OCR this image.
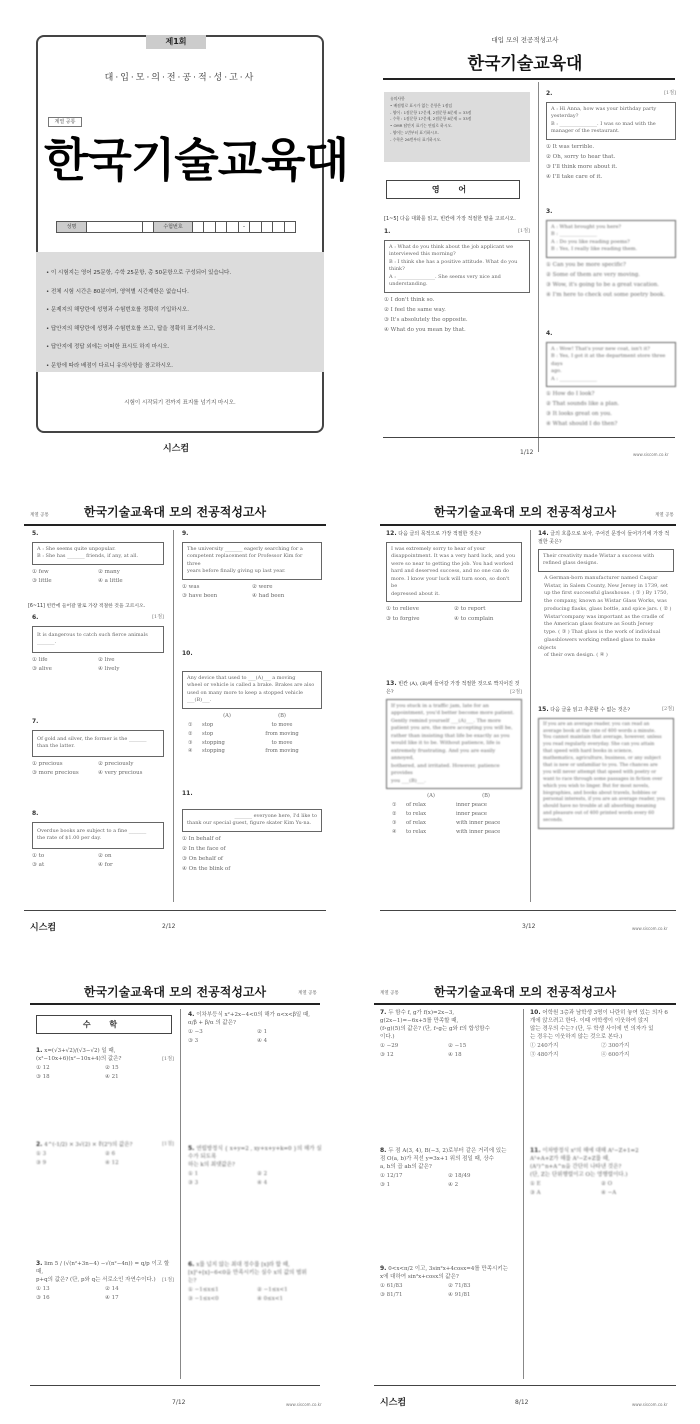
제1회
대·입·모·의·전·공·적·성·고·사
계열 공통
한국기술교육대
성명	수험번호	–
• 이 시험지는 영어 25문항, 수학 25문항, 총 50문항으로 구성되어 있습니다.
• 전체 시험 시간은 80분이며, 영역별 시간제한은 없습니다.
• 문제지의 해당란에 성명과 수험번호를 정확히 기입하시오.
• 답안지의 해당란에 성명과 수험번호를 쓰고, 답을 정확히 표기하시오.
• 답안지에 정답 외에는 어떠한 표시도 하지 마시오.
• 문항에 따라 배점이 다르니 유의사항을 참고하시오.
시험이 시작되기 전까지 표지를 넘기지 마시오.
시스컴
대입 모의 전공적성고사
한국기술교육대
유의사항
• 배점별로 표시가 없는 문항은 1점임
- 영어 : 1점문항 17문제, 2점문항 8문제 = 33점
- 수학 : 1점문항 17문제, 2점문항 8문제 = 33점
• OMR 답안지 표기는 연필로 하시오.
- 영어는 1번부터 표기하시오.
- 수학은 26번부터 표기하시오.
영 어
[1~5] 다음 대화를 읽고, 빈칸에 가장 적절한 말을 고르시오.
1.	[1점]
A : What do you think about the job applicant we
interviewed this morning?
B : I think she has a positive attitude. What do you
think?
A : _______________. She seems very nice and
understanding.
① I don't think so.
② I feel the same way.
③ It's absolutely the opposite.
④ What do you mean by that.
2.	[1점]
A : Hi Anna, how was your birthday party
yesterday?
B : _______________. I was so mad with the
manager of the restaurant.
① It was terrible.
② Oh, sorry to hear that.
③ I'll think more about it.
④ I'll take care of it.
3.
A : What brought you here?
B : _______________
A : Do you like reading poems?
B : Yes, I really like reading them.
① Can you be more specific?
② Some of them are very moving.
③ Wow, it's going to be a great vacation.
④ I'm here to check out some poetry book.
4.
A : Wow! That's your new coat, isn't it?
B : Yes, I got it at the department store three days
ago.
A : _______________
① How do I look?
② That sounds like a plan.
③ It looks great on you.
④ What should I do then?
1/12	www.siscom.co.kr
계열 공통	한국기술교육대 모의 전공적성고사
5.
A : She seems quite unpopular.
B : She has _______ friends, if any, at all.
① few	② many
③ little	④ a little
[6~11] 빈칸에 들어갈 말로 가장 적절한 것을 고르시오.
6.	[1점]
It is dangerous to catch such fierce animals
_______.
① life	② live
③ alive	④ lively
7.
Of gold and silver, the former is the _______
than the latter.
① precious	② preciously
③ more precious	④ very precious
8.
Overdue books are subject to a fine _______
the rate of $1.00 per day.
① to	② on
③ at	④ for
9.
The university _______ eagerly searching for a
competent replacement for Professor Kim for three
years before finally giving up last year.
① was	② were
③ have been	④ had been
10.
Any device that used to ___(A)___ a moving
wheel or vehicle is called a brake. Brakes are also
used on many more to keep a stopped vehicle
___(B)___.
(A)	(B)
①	stop	to move
②	stop	from moving
③	stopping	to move
④	stopping	from moving
11.
_______ everyone here, I'd like to
thank our special guest, figure skater Kim Yu-na.
① In behalf of
② In the face of
③ On behalf of
④ On the blink of
시스컴	2/12
한국기술교육대 모의 전공적성고사	계열 공통
12. 다음 글의 목적으로 가장 적절한 것은?
I was extremely sorry to hear of your
disappointment. It was a very hard luck, and you
were so near to getting the job. You had worked
hard and deserved success, and no one can do
more. I know your luck will turn soon, so don't be
depressed about it.
① to relieve	② to report
③ to forgive	④ to complain
13. 빈칸 (A), (B)에 들어갈 가장 적절한 것으로 짝지어진 것은?	[2점]
If you stuck in a traffic jam, late for an
appointment, you'd better become more patient.
Gently remind yourself ___(A)___. The more
patient you are, the more accepting you will be,
rather than insisting that life be exactly as you
would like it to be. Without patience, life is
extremely frustrating. And you are easily annoyed,
bothered, and irritated. However, patience provides
you ___(B)___.
(A)	(B)
①	of relax	inner peace
②	to relax	inner peace
③	of relax	with inner peace
④	to relax	with inner peace
14. 글의 흐름으로 보아, 주어진 문장이 들어가기에 가장 적절한 곳은?
Their creativity made Wistar a success with
refined glass designs.
A German-born manufacturer named Caspar
Wistar, in Salem County, New Jersey in 1739, set
up the first successful glasshouse. ( ① ) By 1750,
the company, known as Wistar Glass Works, was
producing flasks, glass bottle, and spice jars. ( ② )
Wistar'company was important as the cradle of
the American glass feature as South Jersey
type. ( ③ ) That glass is the work of individual
glassblowers working refined glass to make objects
of their own design. ( ④ )
15. 다음 글을 읽고 추론할 수 없는 것은?	[2점]
If you are an average reader, you can read an
average book at the rate of 400 words a minute.
You cannot maintain that average, however, unless
you read regularly everyday. She can you attain
that speed with hard books in science,
mathematics, agriculture, business, or any subject
that is new or unfamiliar to you. The chances are
you will never attempt that speed with poetry or
want to race through some passages in fiction over
which you wish to linger. But for most novels,
biographies, and books about travels, hobbies or
personal interests, if you are an average reader, you
should have no trouble at all absorbing meaning
and pleasure out of 400 printed words every 60
seconds.
3/12	www.siscom.co.kr
한국기술교육대 모의 전공적성고사	계열 공통
수 학
1. x=(√3+√2)/(√3−√2) 일 때,
(x²−10x+6)(x²−10x+4)의 값은?	[1점]
① 12	② 15
③ 18	④ 21
2. 4^(-1/2) × 3√(2) × ∜(2⁵)의 값은?	[1점]
① 3	② 6
③ 9	④ 12
3. lim 5 / (√(n²+3n−4) −√(n²−4n)) = q/p 이고 할 때,
p+q의 값은? (단, p와 q는 서로소인 자연수이다.) [1점]
① 13	② 14
③ 16	④ 17
4. 이차부등식 x²+2x−4<0의 해가 α<x<β일 때,
α/β + β/α 의 값은?
① −3	② 1
③ 3	④ 4
5. 연립방정식 { x+y=2 , xy+x+y+k=0 }의 해가 실수가 되도록
하는 k의 최댓값은?
① 1	② 2
③ 3	④ 4
6. x를 넘지 않는 최대 정수를 [x]라 할 때,
[x]²+[x]−6<0을 만족시키는 실수 x의 값의 범위
는?
① −1≤x≤1	② −1≤x<1
③ −1≤x<0	④ 0≤x<1
7/12	www.siscom.co.kr
계열 공통	한국기술교육대 모의 전공적성고사
7. 두 함수 f, g가 f(x)=2x−3,
g(2x−1)=−6x+5를 만족할 때,
(f∘g)(5)의 값은? (단, f∘g는 g와 f의 합성함수
이다.)
① −29	② −15
③ 12	④ 18
8. 두 점 A(3, 4), B(−3, 2)로부터 같은 거리에 있는
점 O(a, b)가 직선 y=3x+1 위의 점일 때, 상수
a, b의 곱 ab의 값은?
① 12/17	② 18/49
③ 1	④ 2
9. 0<x<π/2 이고, 3sin²x+4cosx=4를 만족시키는
x에 대하여 sin²x+cosx의 값은?
① 61/83	② 71/83
③ 81/71	④ 91/81
10. 어학원 3층과 남학생 3명이 나란히 놓여 있는 의자 6
개에 앉으려고 한다. 이때 여학생이 이웃하여 앉지
않는 경우의 수는? (단, 두 학생 사이에 빈 의자가 있
는 경우는 이웃하지 않는 것으로 본다.)
① 240가지	② 300가지
③ 480가지	④ 600가지
11. 이차방정식 x²의 해에 대해 A²−Z+1=2
A²+A+Z가 해를 A²−Z+Z를 때,
(A²)^n+A^n을 간단히 나타낸 것은?
(단, Z는 단위행렬이고 O는 영행렬이다.)
① E	② O
③ A	④ −A
시스컴	8/12	www.siscom.co.kr
